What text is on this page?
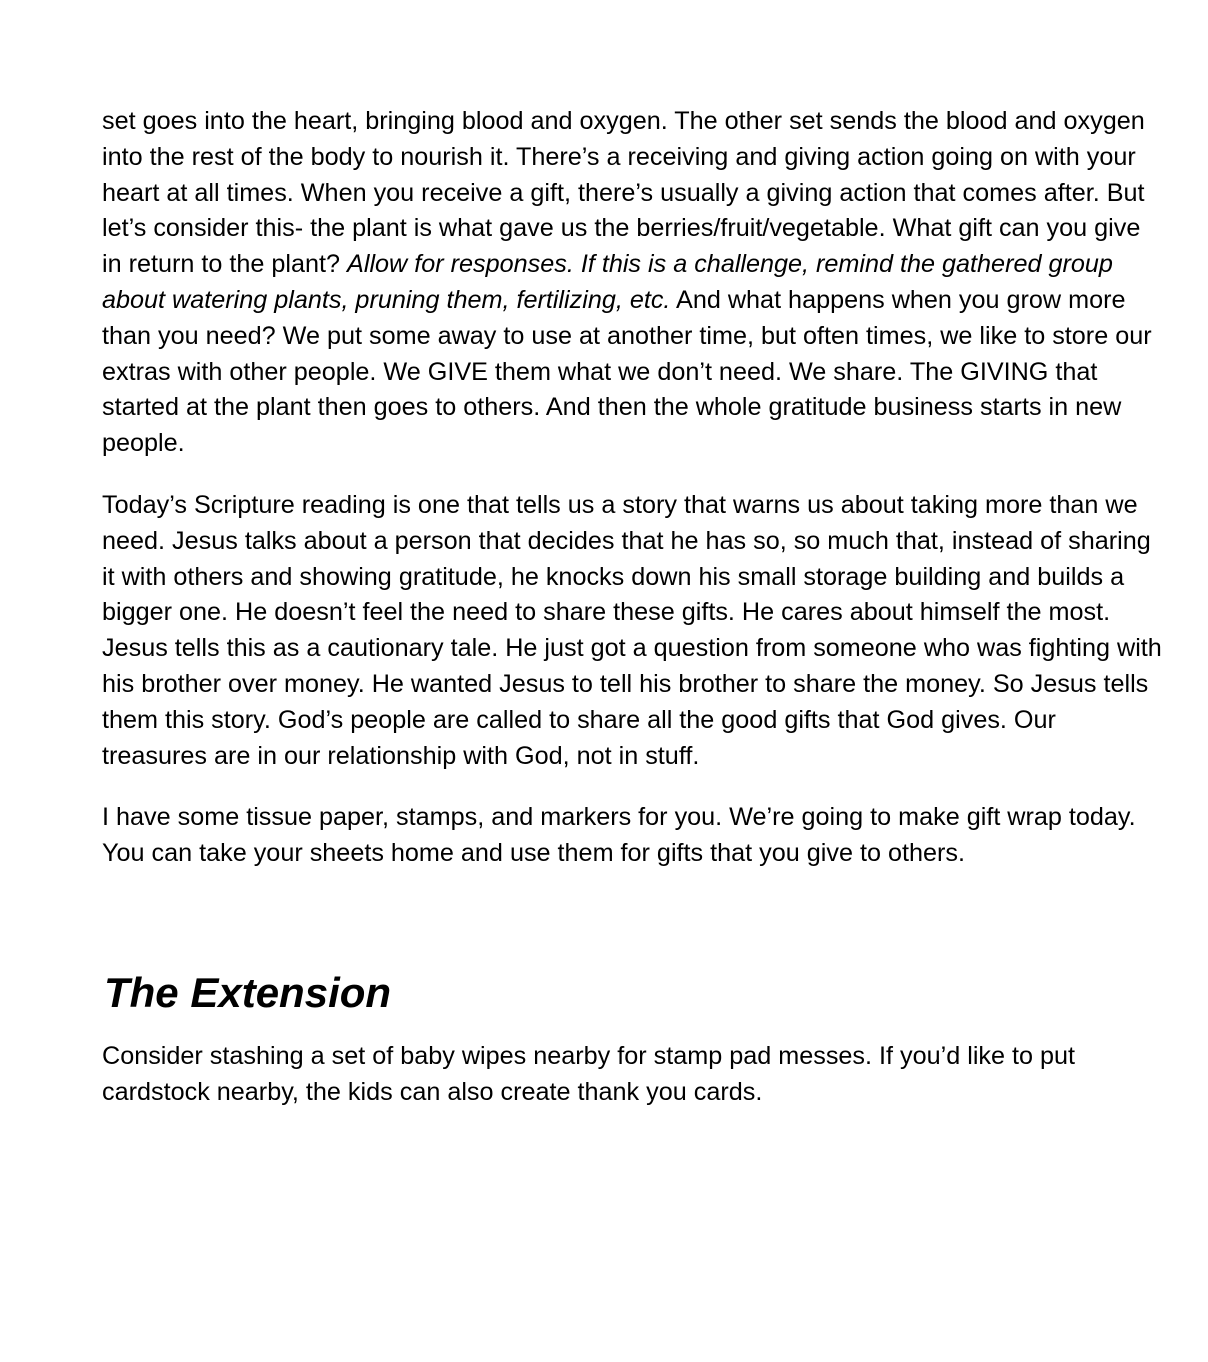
set goes into the heart, bringing blood and oxygen. The other set sends the blood and oxygen into the rest of the body to nourish it. There’s a receiving and giving action going on with your heart at all times. When you receive a gift, there’s usually a giving action that comes after. But let’s consider this- the plant is what gave us the berries/fruit/vegetable. What gift can you give in return to the plant? Allow for responses. If this is a challenge, remind the gathered group about watering plants, pruning them, fertilizing, etc. And what happens when you grow more than you need? We put some away to use at another time, but often times, we like to store our extras with other people. We GIVE them what we don’t need. We share. The GIVING that started at the plant then goes to others. And then the whole gratitude business starts in new people.

Today’s Scripture reading is one that tells us a story that warns us about taking more than we need. Jesus talks about a person that decides that he has so, so much that, instead of sharing it with others and showing gratitude, he knocks down his small storage building and builds a bigger one. He doesn’t feel the need to share these gifts. He cares about himself the most. Jesus tells this as a cautionary tale. He just got a question from someone who was fighting with his brother over money. He wanted Jesus to tell his brother to share the money. So Jesus tells them this story. God’s people are called to share all the good gifts that God gives. Our treasures are in our relationship with God, not in stuff.

I have some tissue paper, stamps, and markers for you. We’re going to make gift wrap today. You can take your sheets home and use them for gifts that you give to others.

The Extension

Consider stashing a set of baby wipes nearby for stamp pad messes. If you’d like to put cardstock nearby, the kids can also create thank you cards.
